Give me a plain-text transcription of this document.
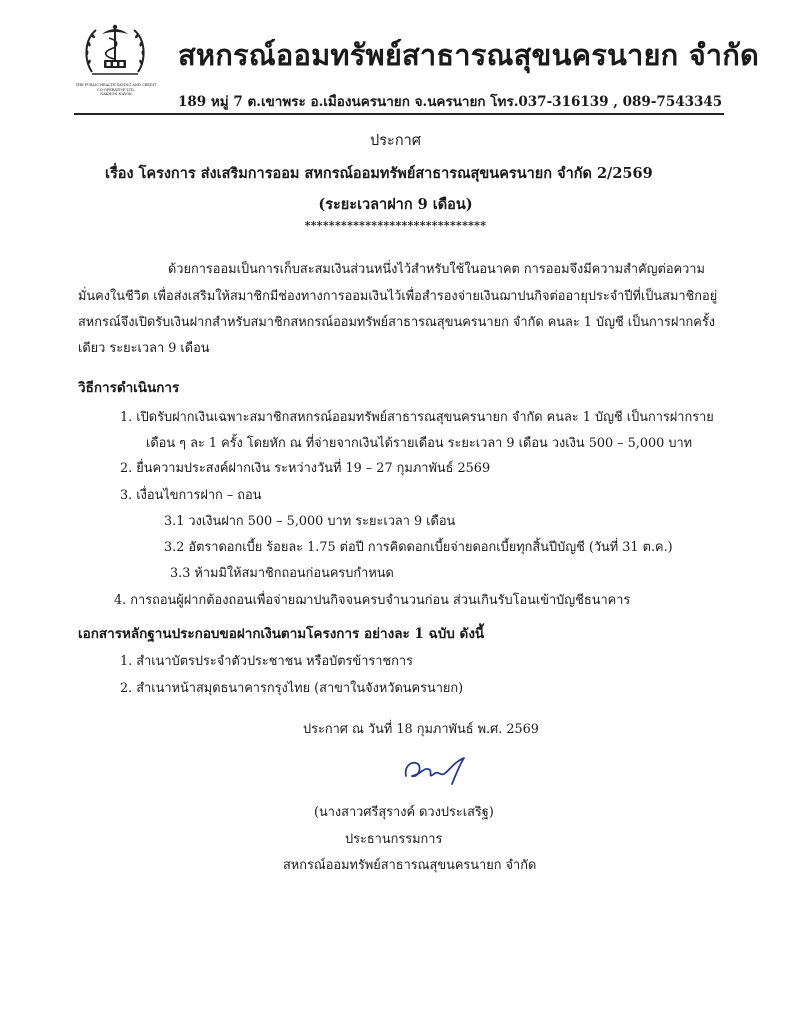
THE PUBLIC HEALTH SAVING AND CREDIT CO-OPERATIVE LTD.
NAKHON NAYOK
สหกรณ์ออมทรัพย์สาธารณสุขนครนายก จำกัด
189 หมู่ 7 ต.เขาพระ อ.เมืองนครนายก จ.นครนายก โทร.037-316139 , 089-7543345
ประกาศ
เรื่อง โครงการ ส่งเสริมการออม สหกรณ์ออมทรัพย์สาธารณสุขนครนายก จำกัด 2/2569
(ระยะเวลาฝาก 9 เดือน)
******************************
ด้วยการออมเป็นการเก็บสะสมเงินส่วนหนึ่งไว้สำหรับใช้ในอนาคต การออมจึงมีความสำคัญต่อความ
มั่นคงในชีวิต เพื่อส่งเสริมให้สมาชิกมีช่องทางการออมเงินไว้เพื่อสำรองจ่ายเงินฌาปนกิจต่ออายุประจำปีที่เป็นสมาชิกอยู่
สหกรณ์จึงเปิดรับเงินฝากสำหรับสมาชิกสหกรณ์ออมทรัพย์สาธารณสุขนครนายก จำกัด คนละ 1 บัญชี เป็นการฝากครั้ง
เดียว ระยะเวลา 9 เดือน
วิธีการดำเนินการ
1. เปิดรับฝากเงินเฉพาะสมาชิกสหกรณ์ออมทรัพย์สาธารณสุขนครนายก จำกัด คนละ 1 บัญชี เป็นการฝากราย
เดือน ๆ ละ 1 ครั้ง โดยหัก ณ ที่จ่ายจากเงินได้รายเดือน ระยะเวลา 9 เดือน วงเงิน 500 – 5,000 บาท
2. ยื่นความประสงค์ฝากเงิน ระหว่างวันที่ 19 – 27 กุมภาพันธ์ 2569
3. เงื่อนไขการฝาก – ถอน
3.1 วงเงินฝาก 500 – 5,000 บาท ระยะเวลา 9 เดือน
3.2 อัตราดอกเบี้ย ร้อยละ 1.75 ต่อปี การคิดดอกเบี้ยจ่ายดอกเบี้ยทุกสิ้นปีบัญชี (วันที่ 31 ต.ค.)
3.3 ห้ามมิให้สมาชิกถอนก่อนครบกำหนด
4. การถอนผู้ฝากต้องถอนเพื่อจ่ายฌาปนกิจจนครบจำนวนก่อน ส่วนเกินรับโอนเข้าบัญชีธนาคาร
เอกสารหลักฐานประกอบขอฝากเงินตามโครงการ อย่างละ 1 ฉบับ ดังนี้
1. สำเนาบัตรประจำตัวประชาชน หรือบัตรข้าราชการ
2. สำเนาหน้าสมุดธนาคารกรุงไทย (สาขาในจังหวัดนครนายก)
ประกาศ ณ วันที่ 18 กุมภาพันธ์ พ.ศ. 2569
(นางสาวศรีสุรางค์ ดวงประเสริฐ)
ประธานกรรมการ
สหกรณ์ออมทรัพย์สาธารณสุขนครนายก จำกัด
